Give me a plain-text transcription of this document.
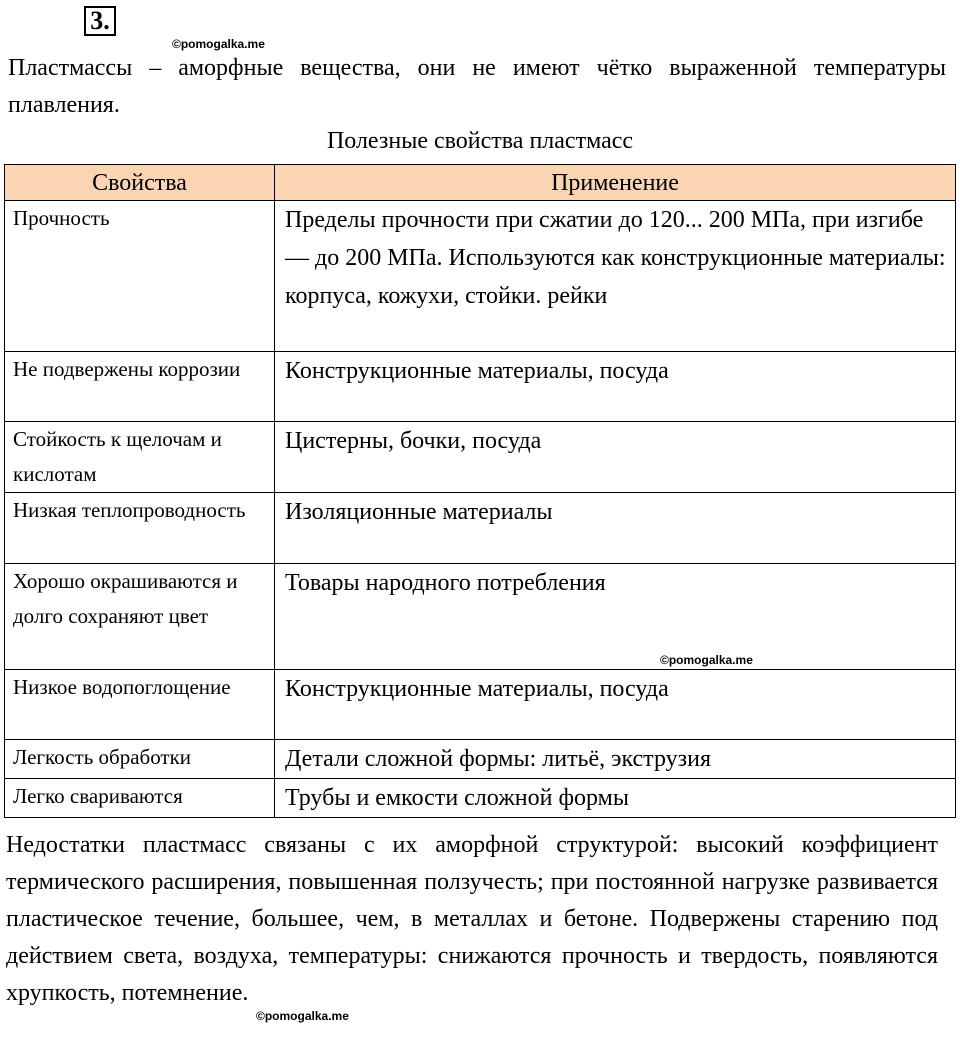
3.
©pomogalka.me

Пластмассы – аморфные вещества, они не имеют чётко выраженной температуры плавления.

Полезные свойства пластмасс
Свойства	Применение
Прочность	Пределы прочности при сжатии до 120... 200 МПа, при изгибе — до 200 МПа. Используются как конструкционные материалы: корпуса, кожухи, стойки. рейки
Не подвержены коррозии	Конструкционные материалы, посуда
Стойкость к щелочам и кислотам	Цистерны, бочки, посуда
Низкая теплопроводность	Изоляционные материалы
Хорошо окрашиваются и долго сохраняют цвет	Товары народного потребления
Низкое водопоглощение	Конструкционные материалы, посуда
Легкость обработки	Детали сложной формы: литьё, экструзия
Легко свариваются	Трубы и емкости сложной формы
©pomogalka.me

Недостатки пластмасс связаны с их аморфной структурой: высокий коэффициент термического расширения, повышенная ползучесть; при постоянной нагрузке развивается пластическое течение, большее, чем, в металлах и бетоне. Подвержены старению под действием света, воздуха, температуры: снижаются прочность и твердость, появляются хрупкость, потемнение.

©pomogalka.me
